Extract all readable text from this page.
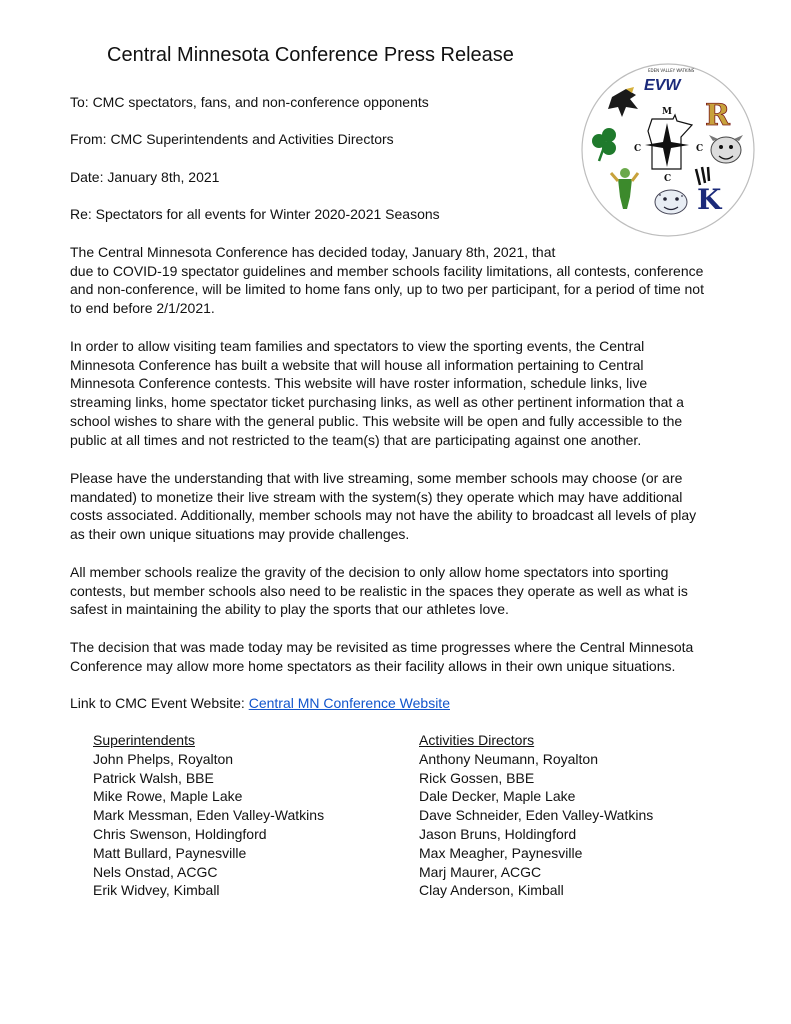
Central Minnesota Conference Press Release
To: CMC spectators, fans, and non-conference opponents
From: CMC Superintendents and Activities Directors
Date: January 8th, 2021
Re: Spectators for all events for Winter 2020-2021 Seasons
The Central Minnesota Conference has decided today, January 8th, 2021, that
due to COVID-19 spectator guidelines and member schools facility limitations, all contests, conference
and non-conference, will be limited to home fans only, up to two per participant, for a period of time not
to end before 2/1/2021.
In order to allow visiting team families and spectators to view the sporting events, the Central
Minnesota Conference has built a website that will house all information pertaining to Central
Minnesota Conference contests. This website will have roster information, schedule links, live
streaming links, home spectator ticket purchasing links, as well as other pertinent information that a
school wishes to share with the general public. This website will be open and fully accessible to the
public at all times and not restricted to the team(s) that are participating against one another.
Please have the understanding that with live streaming, some member schools may choose (or are
mandated) to monetize their live stream with the system(s) they operate which may have additional
costs associated. Additionally, member schools may not have the ability to broadcast all levels of play
as their own unique situations may provide challenges.
All member schools realize the gravity of the decision to only allow home spectators into sporting
contests, but member schools also need to be realistic in the spaces they operate as well as what is
safest in maintaining the ability to play the sports that our athletes love.
The decision that was made today may be revisited as time progresses where the Central Minnesota
Conference may allow more home spectators as their facility allows in their own unique situations.
Link to CMC Event Website: Central MN Conference Website
Superintendents
John Phelps, Royalton
Patrick Walsh, BBE
Mike Rowe, Maple Lake
Mark Messman, Eden Valley-Watkins
Chris Swenson, Holdingford
Matt Bullard, Paynesville
Nels Onstad, ACGC
Erik Widvey, Kimball
Activities Directors
Anthony Neumann, Royalton
Rick Gossen, BBE
Dale Decker, Maple Lake
Dave Schneider, Eden Valley-Watkins
Jason Bruns, Holdingford
Max Meagher, Paynesville
Marj Maurer, ACGC
Clay Anderson, Kimball
EDEN VALLEY WATKINS
EVW
R
M
C	C
C
K
